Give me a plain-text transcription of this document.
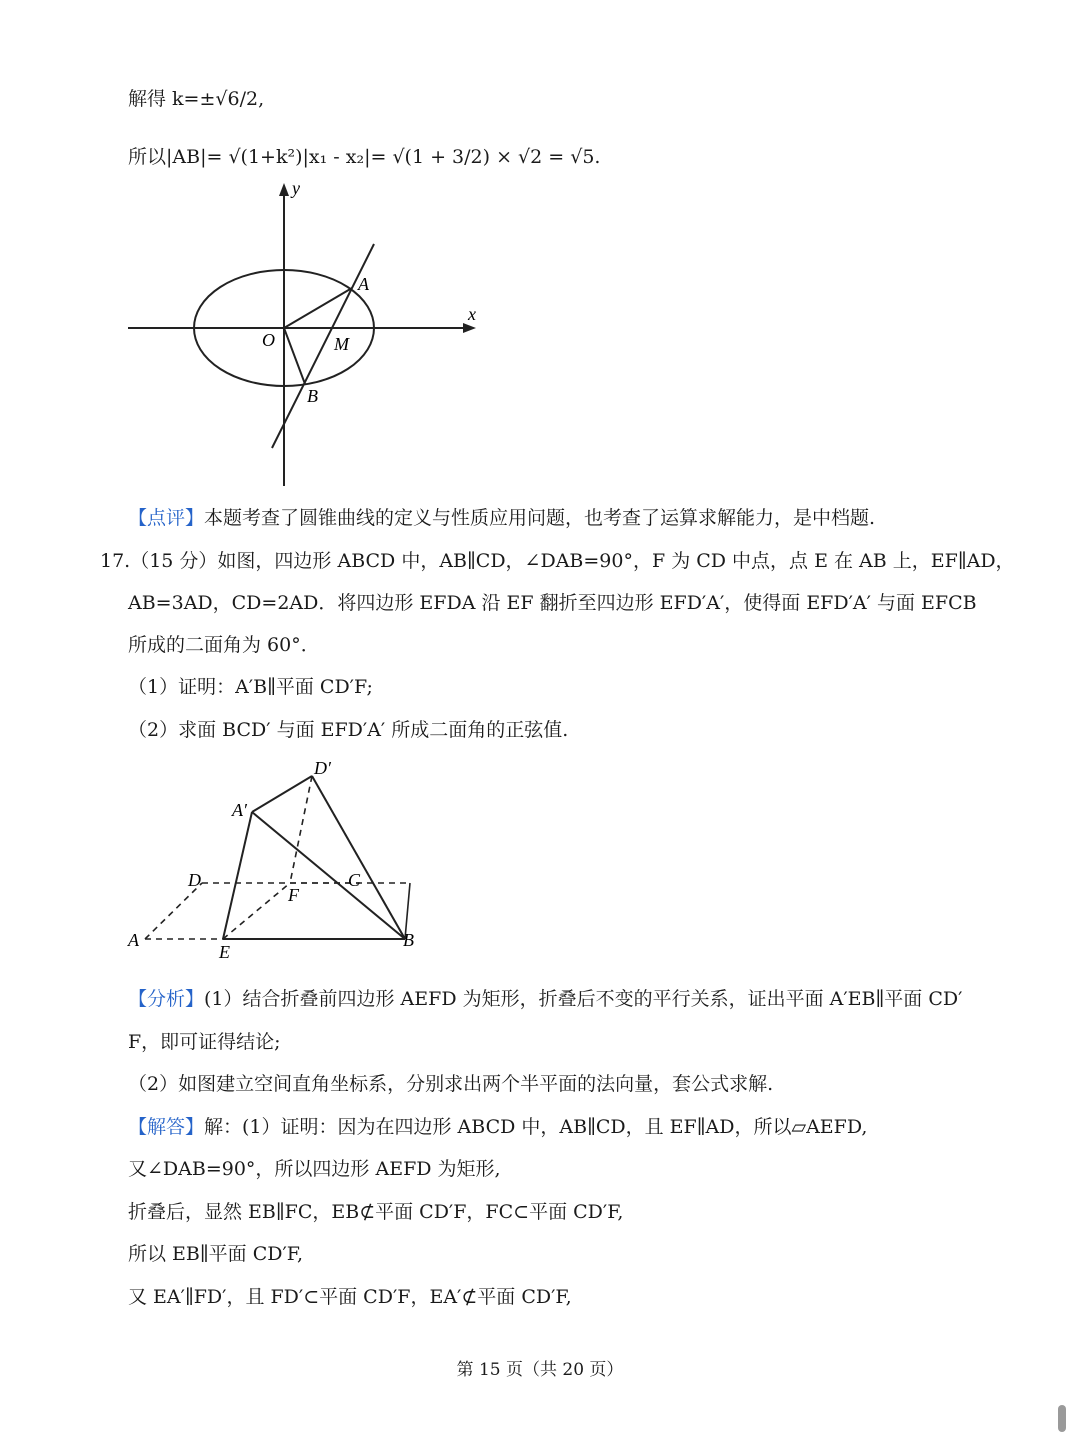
解得 k=±√6/2,
所以|AB|= √(1+k²)|x₁ - x₂|= √(1 + 3/2) × √2 = √5.
y
x
A
O	M
B
【点评】本题考查了圆锥曲线的定义与性质应用问题，也考查了运算求解能力，是中档题.
17.（15 分）如图，四边形 ABCD 中，AB∥CD，∠DAB=90°，F 为 CD 中点，点 E 在 AB 上，EF∥AD，
AB=3AD，CD=2AD．将四边形 EFDA 沿 EF 翻折至四边形 EFD′A′，使得面 EFD′A′ 与面 EFCB
所成的二面角为 60°．
（1）证明：A′B∥平面 CD′F;
（2）求面 BCD′ 与面 EFD′A′ 所成二面角的正弦值.
D′
A′
D	C
F
A
E
B
【分析】(1）结合折叠前四边形 AEFD 为矩形，折叠后不变的平行关系，证出平面 A′EB∥平面 CD′
F，即可证得结论;
（2）如图建立空间直角坐标系，分别求出两个半平面的法向量，套公式求解.
【解答】解：(1）证明：因为在四边形 ABCD 中，AB∥CD，且 EF∥AD，所以▱AEFD,
又∠DAB=90°，所以四边形 AEFD 为矩形,
折叠后，显然 EB∥FC，EB⊄平面 CD′F，FC⊂平面 CD′F,
所以 EB∥平面 CD′F,
又 EA′∥FD′，且 FD′⊂平面 CD′F，EA′⊄平面 CD′F,
第 15 页（共 20 页）
